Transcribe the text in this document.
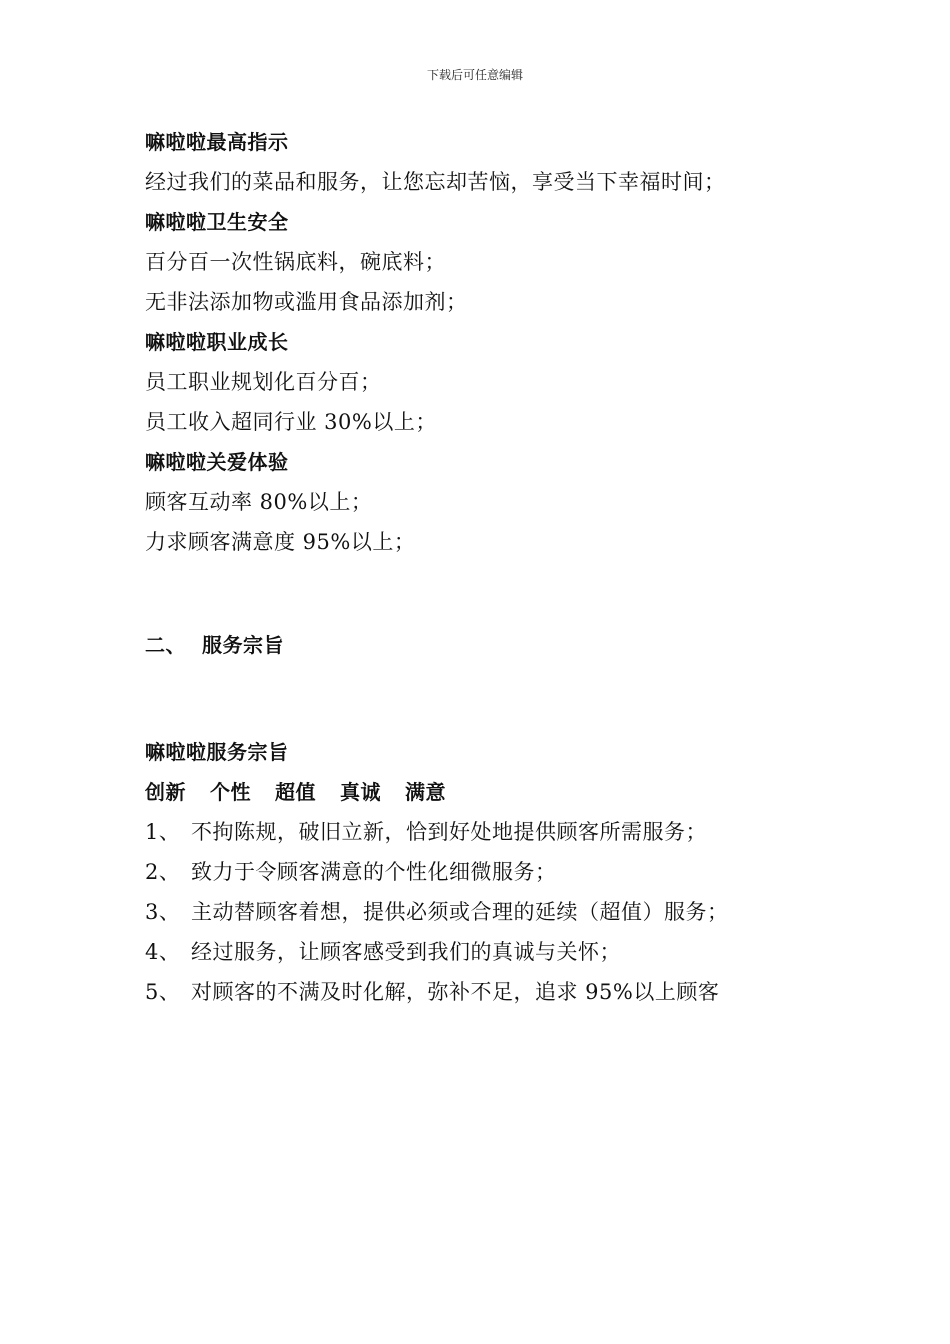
下载后可任意编辑
嘛啦啦最高指示
经过我们的菜品和服务，让您忘却苦恼，享受当下幸福时间；
嘛啦啦卫生安全
百分百一次性锅底料，碗底料；
无非法添加物或滥用食品添加剂；
嘛啦啦职业成长
员工职业规划化百分百；
员工收入超同行业 30%以上；
嘛啦啦关爱体验
顾客互动率 80%以上；
力求顾客满意度 95%以上；
二、 服务宗旨
嘛啦啦服务宗旨
创新 个性 超值 真诚 满意
1、 不拘陈规，破旧立新，恰到好处地提供顾客所需服务；
2、 致力于令顾客满意的个性化细微服务；
3、 主动替顾客着想，提供必须或合理的延续（超值）服务；
4、 经过服务，让顾客感受到我们的真诚与关怀；
5、 对顾客的不满及时化解，弥补不足，追求 95%以上顾客
